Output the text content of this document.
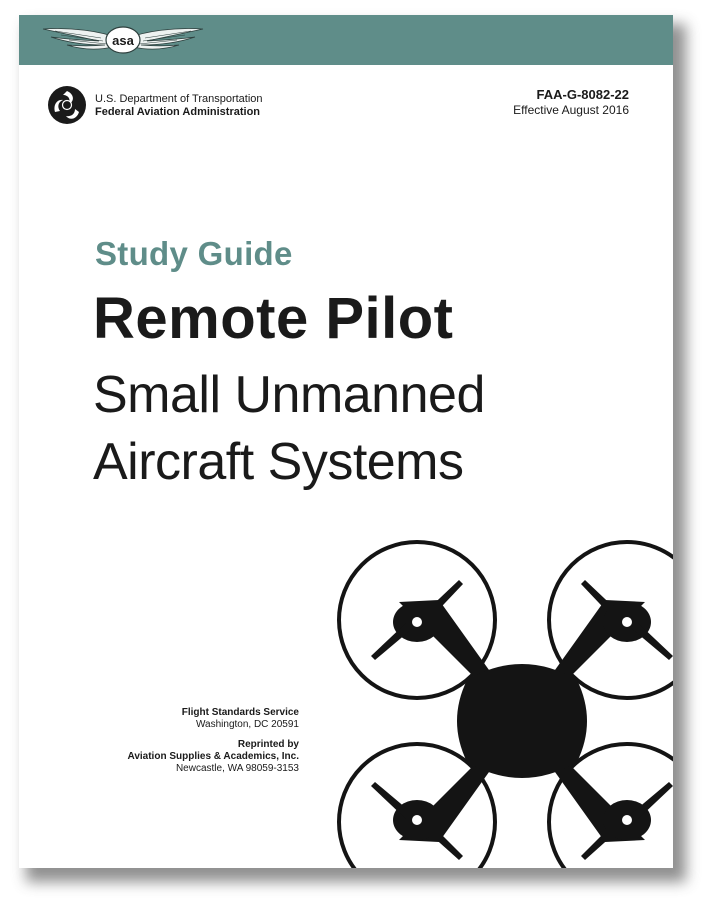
asa
U.S. Department of Transportation
Federal Aviation Administration
FAA-G-8082-22
Effective August 2016
Study Guide
Remote Pilot
Small Unmanned
Aircraft Systems
Flight Standards Service
Washington, DC 20591
Reprinted by
Aviation Supplies & Academics, Inc.
Newcastle, WA 98059-3153
